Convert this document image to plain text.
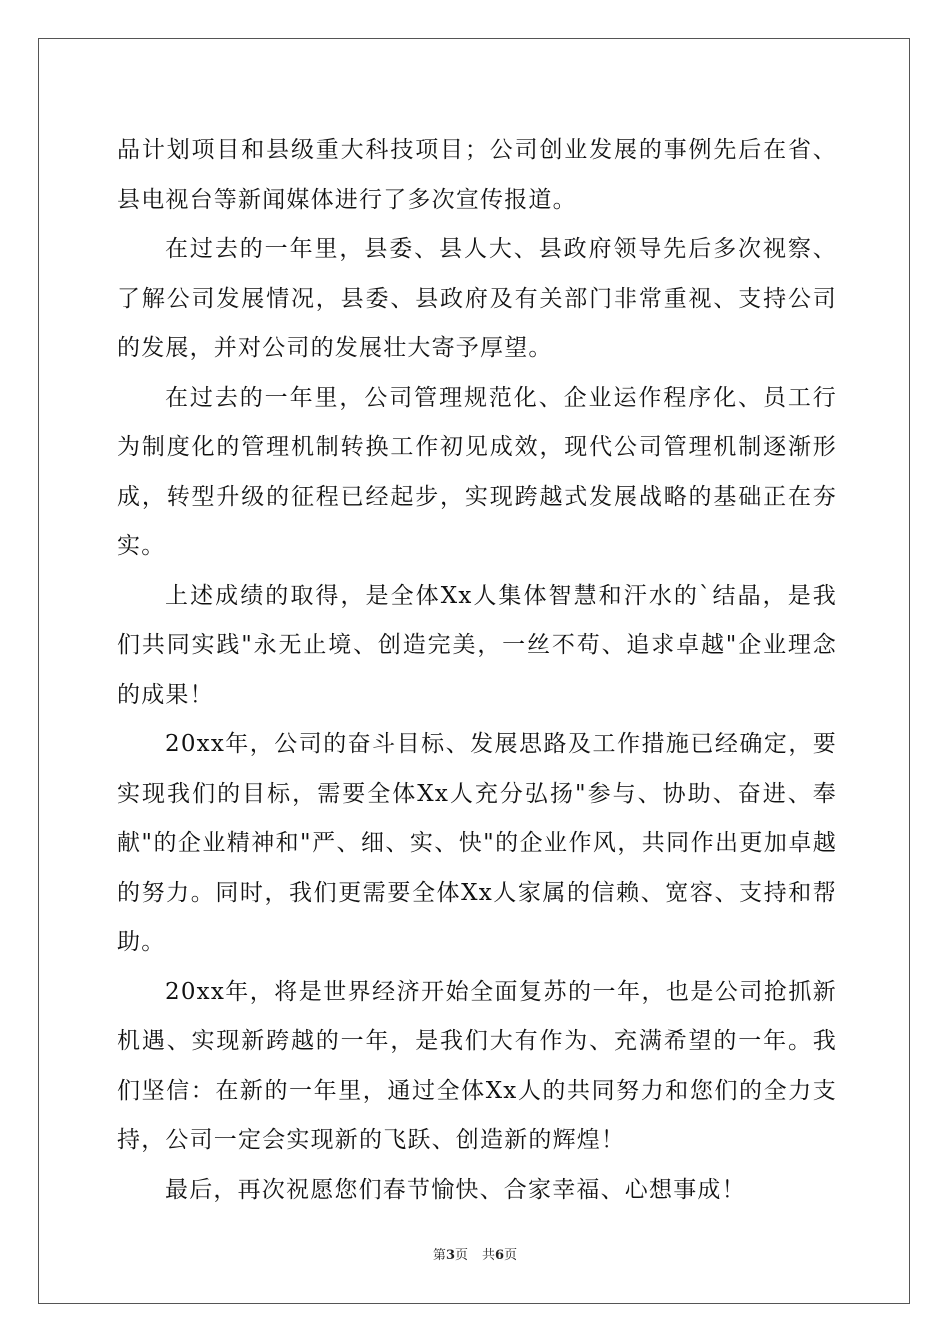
品计划项目和县级重大科技项目；公司创业发展的事例先后在省、县电视台等新闻媒体进行了多次宣传报道。

在过去的一年里，县委、县人大、县政府领导先后多次视察、了解公司发展情况，县委、县政府及有关部门非常重视、支持公司的发展，并对公司的发展壮大寄予厚望。

在过去的一年里，公司管理规范化、企业运作程序化、员工行为制度化的管理机制转换工作初见成效，现代公司管理机制逐渐形成，转型升级的征程已经起步，实现跨越式发展战略的基础正在夯实。

上述成绩的取得，是全体Xx人集体智慧和汗水的`结晶，是我们共同实践"永无止境、创造完美，一丝不苟、追求卓越"企业理念的成果！

20xx年，公司的奋斗目标、发展思路及工作措施已经确定，要实现我们的目标，需要全体Xx人充分弘扬"参与、协助、奋进、奉献"的企业精神和"严、细、实、快"的企业作风，共同作出更加卓越的努力。同时，我们更需要全体Xx人家属的信赖、宽容、支持和帮助。

20xx年，将是世界经济开始全面复苏的一年，也是公司抢抓新机遇、实现新跨越的一年，是我们大有作为、充满希望的一年。我们坚信：在新的一年里，通过全体Xx人的共同努力和您们的全力支持，公司一定会实现新的飞跃、创造新的辉煌！

最后，再次祝愿您们春节愉快、合家幸福、心想事成！

第3页 共6页
